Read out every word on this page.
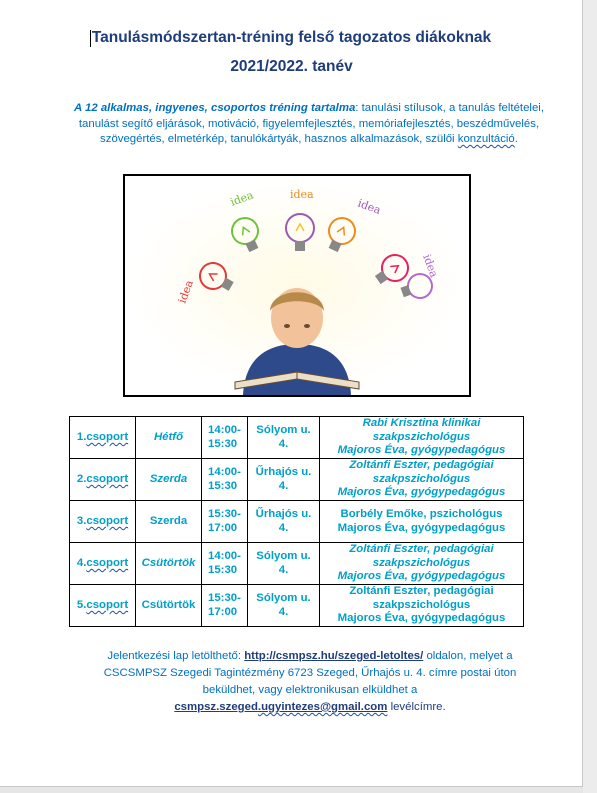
Tanulásmódszertan-tréning felső tagozatos diákoknak
2021/2022. tanév
A 12 alkalmas, ingyenes, csoportos tréning tartalma: tanulási stílusok, a tanulás feltételei, tanulást segítő eljárások, motiváció, figyelemfejlesztés, memóriafejlesztés, beszédművelés, szövegértés, elmetérkép, tanulókártyák, hasznos alkalmazások, szülői konzultáció.
idea	idea
idea
idea
idea
1.csoport	Hétfő	14:00-15:30	Sólyom u. 4.	Rabi Krisztina klinikai szakpszichológus
Majoros Éva, gyógypedagógus

2.csoport	Szerda	14:00-15:30	Űrhajós u. 4.	Zoltánfi Eszter, pedagógiai szakpszichológus
Majoros Éva, gyógypedagógus

3.csoport	Szerda	15:30-17:00	Űrhajós u. 4.	Borbély Emőke, pszichológus
Majoros Éva, gyógypedagógus

4.csoport	Csütörtök	14:00-15:30	Sólyom u. 4.	Zoltánfi Eszter, pedagógiai szakpszichológus
Majoros Éva, gyógypedagógus

5.csoport	Csütörtök	15:30-17:00	Sólyom u. 4.	Zoltánfi Eszter, pedagógiai szakpszichológus
Majoros Éva, gyógypedagógus
Jelentkezési lap letölthető: http://csmpsz.hu/szeged-letoltes/ oldalon, melyet a
CSCSMPSZ Szegedi Tagintézmény 6723 Szeged, Űrhajós u. 4. címre postai úton
beküldhet, vagy elektronikusan elküldhet a
csmpsz.szeged.ugyintezes@gmail.com levélcímre.
